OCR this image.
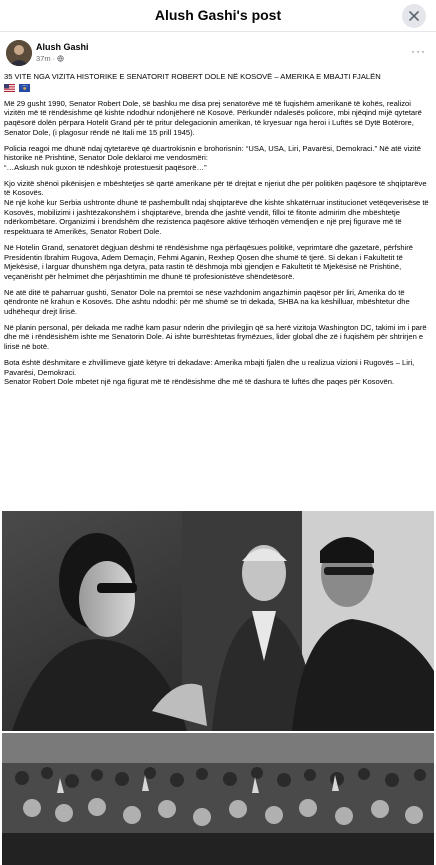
Alush Gashi's post
Alush Gashi
37m ·
···

35 VITE NGA VIZITA HISTORIKE E SENATORIT ROBERT DOLE NË KOSOVË – AMERIKA E MBAJTI FJALËN

Më 29 gusht 1990, Senator Robert Dole, së bashku me disa prej senatorëve më të fuqishëm amerikanë të kohës, realizoi vizitën më të rëndësishme që kishte ndodhur ndonjëherë në Kosovë. Përkundër ndalesës policore, mbi njëqind mijë qytetarë paqësorë dolën përpara Hotelit Grand për të pritur delegacionin amerikan, të kryesuar nga heroi i Luftës së Dytë Botërore, Senator Dole, (i plagosur rëndë në Itali më 15 prill 1945).

Policia reagoi me dhunë ndaj qytetarëve që duartrokisnin e brohorisnin: “USA, USA, Liri, Pavarësi, Demokraci.” Në atë vizitë historike në Prishtinë, Senator Dole deklaroi me vendosmëri:

“…Askush nuk guxon të ndëshkojë protestuesit paqësorë…”

Kjo vizitë shënoi pikënisjen e mbështetjes së qartë amerikane për të drejtat e njeriut dhe për politikën paqësore të shqiptarëve të Kosovës.

Në një kohë kur Serbia ushtronte dhunë të pashembullt ndaj shqiptarëve dhe kishte shkatërruar institucionet vetëqeverisëse të Kosovës, mobilizimi i jashtëzakonshëm i shqiptarëve, brenda dhe jashtë vendit, filloi të fitonte admirim dhe mbështetje ndërkombëtare. Organizimi i brendshëm dhe rezistenca paqësore aktive tërhoqën vëmendjen e një prej figurave më të respektuara të Amerikës, Senator Robert Dole.

Në Hotelin Grand, senatorët dëgjuan dëshmi të rëndësishme nga përfaqësues politikë, veprimtarë dhe gazetarë, përfshirë Presidentin Ibrahim Rugova, Adem Demaçin, Fehmi Aganin, Rexhep Qosen dhe shumë të tjerë. Si dekan i Fakultetit të Mjekësisë, i larguar dhunshëm nga detyra, pata rastin të dëshmoja mbi gjendjen e Fakultetit të Mjekësisë në Prishtinë, veçanërisht për helmimet dhe përjashtimin me dhunë të profesionistëve shëndetësorë.

Në atë ditë të paharruar gushti, Senator Dole na premtoi se nëse vazhdonim angazhimin paqësor për liri, Amerika do të qëndronte në krahun e Kosovës. Dhe ashtu ndodhi: për më shumë se tri dekada, SHBA na ka këshilluar, mbështetur dhe udhëhequr drejt lirisë.

Në planin personal, për dekada me radhë kam pasur nderin dhe privilegjin që sa herë vizitoja Washington DC, takimi im i parë dhe më i rëndësishëm ishte me Senatorin Dole. Ai ishte burrështetas frymëzues, lider global dhe zë i fuqishëm për shtrirjen e lirisë në botë.

Bota është dëshmitare e zhvillimeve gjatë këtyre tri dekadave: Amerika mbajti fjalën dhe u realizua vizioni i Rugovës – Liri, Pavarësi, Demokraci.

Senator Robert Dole mbetet një nga figurat më të rëndësishme dhe më të dashura të luftës dhe paqes për Kosovën.
